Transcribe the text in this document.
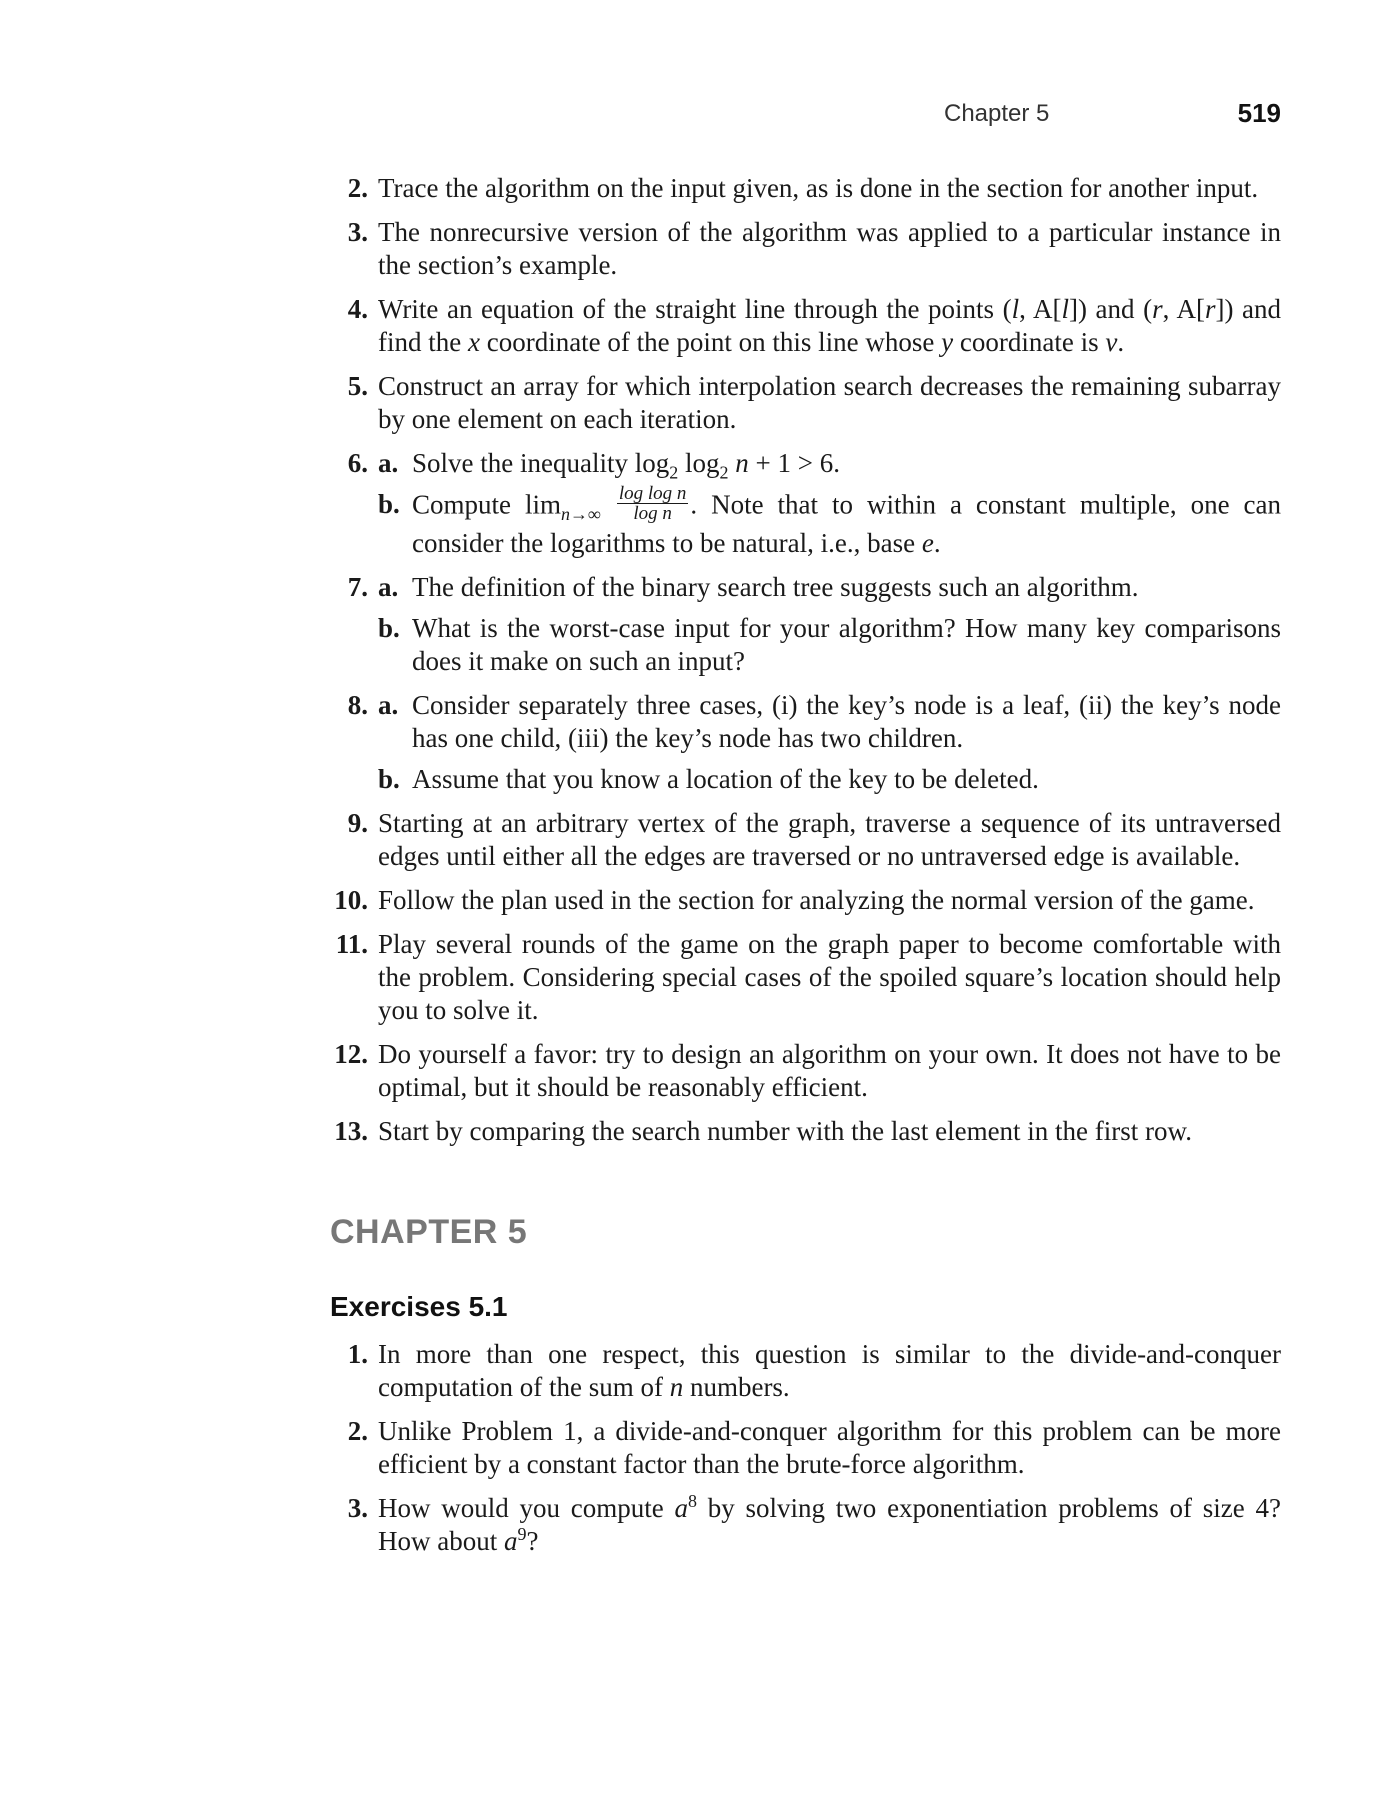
Chapter 5	519
2. Trace the algorithm on the input given, as is done in the section for another input.
3. The nonrecursive version of the algorithm was applied to a particular instance in the section’s example.
4. Write an equation of the straight line through the points (l, A[l]) and (r, A[r]) and find the x coordinate of the point on this line whose y coordinate is v.
5. Construct an array for which interpolation search decreases the remaining subarray by one element on each iteration.
6. a. Solve the inequality $\log_2 \log_2 n + 1 > 6$.
b. Compute $\lim_{n\to\infty} \frac{\text{log log n}}{\text{log n}}$ . Note that to within a constant multiple, one can consider the logarithms to be natural, i.e., base e.
7. a. The definition of the binary search tree suggests such an algorithm.
b. What is the worst-case input for your algorithm? How many key comparisons does it make on such an input?
8. a. Consider separately three cases, (i) the key’s node is a leaf, (ii) the key’s node has one child, (iii) the key’s node has two children.
b. Assume that you know a location of the key to be deleted.
9. Starting at an arbitrary vertex of the graph, traverse a sequence of its untraversed edges until either all the edges are traversed or no untraversed edge is available.
10. Follow the plan used in the section for analyzing the normal version of the game.
11. Play several rounds of the game on the graph paper to become comfortable with the problem. Considering special cases of the spoiled square’s location should help you to solve it.
12. Do yourself a favor: try to design an algorithm on your own. It does not have to be optimal, but it should be reasonably efficient.
13. Start by comparing the search number with the last element in the first row.
CHAPTER 5
Exercises 5.1
1. In more than one respect, this question is similar to the divide-and-conquer computation of the sum of n numbers.
2. Unlike Problem 1, a divide-and-conquer algorithm for this problem can be more efficient by a constant factor than the brute-force algorithm.
3. How would you compute $a^8$ by solving two exponentiation problems of size 4? How about $a^9$?
